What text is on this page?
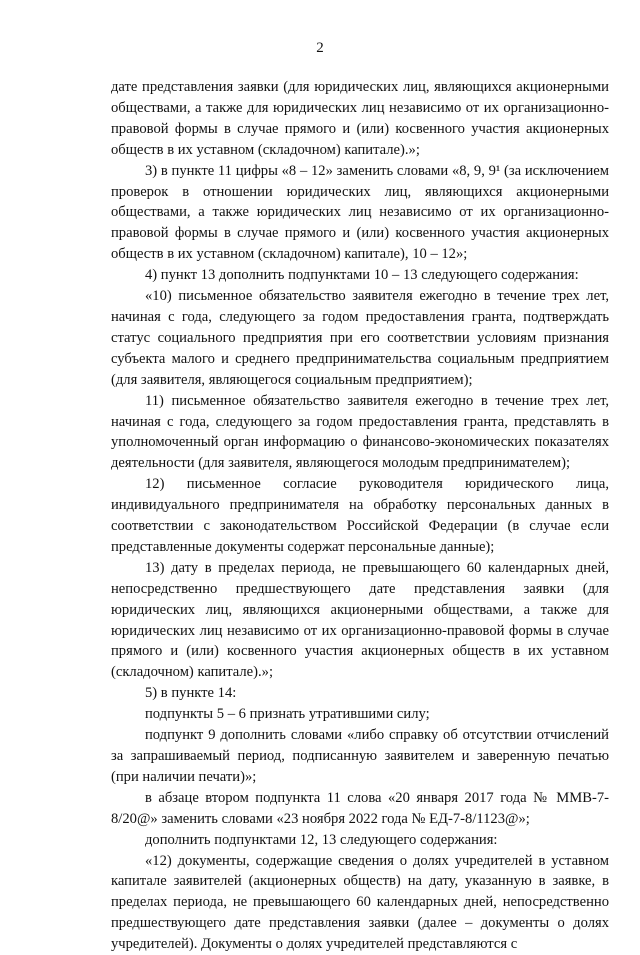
2

дате представления заявки (для юридических лиц, являющихся акционерными обществами, а также для юридических лиц независимо от их организационно-правовой формы в случае прямого и (или) косвенного участия акционерных обществ в их уставном (складочном) капитале).»;

3) в пункте 11 цифры «8 – 12» заменить словами «8, 9, 9¹ (за исключением проверок в отношении юридических лиц, являющихся акционерными обществами, а также юридических лиц независимо от их организационно-правовой формы в случае прямого и (или) косвенного участия акционерных обществ в их уставном (складочном) капитале), 10 – 12»;

4) пункт 13 дополнить подпунктами 10 – 13 следующего содержания:

«10) письменное обязательство заявителя ежегодно в течение трех лет, начиная с года, следующего за годом предоставления гранта, подтверждать статус социального предприятия при его соответствии условиям признания субъекта малого и среднего предпринимательства социальным предприятием (для заявителя, являющегося социальным предприятием);

11) письменное обязательство заявителя ежегодно в течение трех лет, начиная с года, следующего за годом предоставления гранта, представлять в уполномоченный орган информацию о финансово-экономических показателях деятельности (для заявителя, являющегося молодым предпринимателем);

12) письменное согласие руководителя юридического лица, индивидуального предпринимателя на обработку персональных данных в соответствии с законодательством Российской Федерации (в случае если представленные документы содержат персональные данные);

13) дату в пределах периода, не превышающего 60 календарных дней, непосредственно предшествующего дате представления заявки (для юридических лиц, являющихся акционерными обществами, а также для юридических лиц независимо от их организационно-правовой формы в случае прямого и (или) косвенного участия акционерных обществ в их уставном (складочном) капитале).»;

5) в пункте 14:

подпункты 5 – 6 признать утратившими силу;

подпункт 9 дополнить словами «либо справку об отсутствии отчислений за запрашиваемый период, подписанную заявителем и заверенную печатью (при наличии печати)»;

в абзаце втором подпункта 11 слова «20 января 2017 года № ММВ-7-8/20@» заменить словами «23 ноября 2022 года № ЕД-7-8/1123@»;

дополнить подпунктами 12, 13 следующего содержания:

«12) документы, содержащие сведения о долях учредителей в уставном капитале заявителей (акционерных обществ) на дату, указанную в заявке, в пределах периода, не превышающего 60 календарных дней, непосредственно предшествующего дате представления заявки (далее – документы о долях учредителей). Документы о долях учредителей представляются с
